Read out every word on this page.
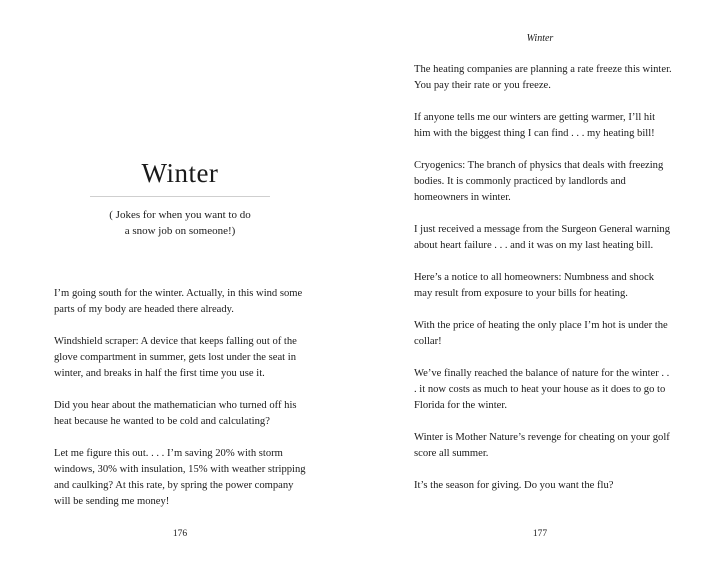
Winter

( Jokes for when you want to do
a snow job on someone!)

I’m going south for the winter. Actually, in this wind some parts of my body are headed there already.
Windshield scraper: A device that keeps falling out of the glove compartment in summer, gets lost under the seat in winter, and breaks in half the first time you use it.
Did you hear about the mathematician who turned off his heat because he wanted to be cold and calculating?
Let me figure this out. . . . I’m saving 20% with storm windows, 30% with insulation, 15% with weather stripping and caulking? At this rate, by spring the power company will be sending me money!
176
Winter
The heating companies are planning a rate freeze this winter. You pay their rate or you freeze.
If anyone tells me our winters are getting warmer, I’ll hit him with the biggest thing I can find . . . my heating bill!
Cryogenics: The branch of physics that deals with freezing bodies. It is commonly practiced by landlords and homeowners in winter.
I just received a message from the Surgeon General warning about heart failure . . . and it was on my last heating bill.
Here’s a notice to all homeowners: Numbness and shock may result from exposure to your bills for heating.
With the price of heating the only place I’m hot is under the collar!
We’ve finally reached the balance of nature for the winter . . . it now costs as much to heat your house as it does to go to Florida for the winter.
Winter is Mother Nature’s revenge for cheating on your golf score all summer.
It’s the season for giving. Do you want the flu?
177
